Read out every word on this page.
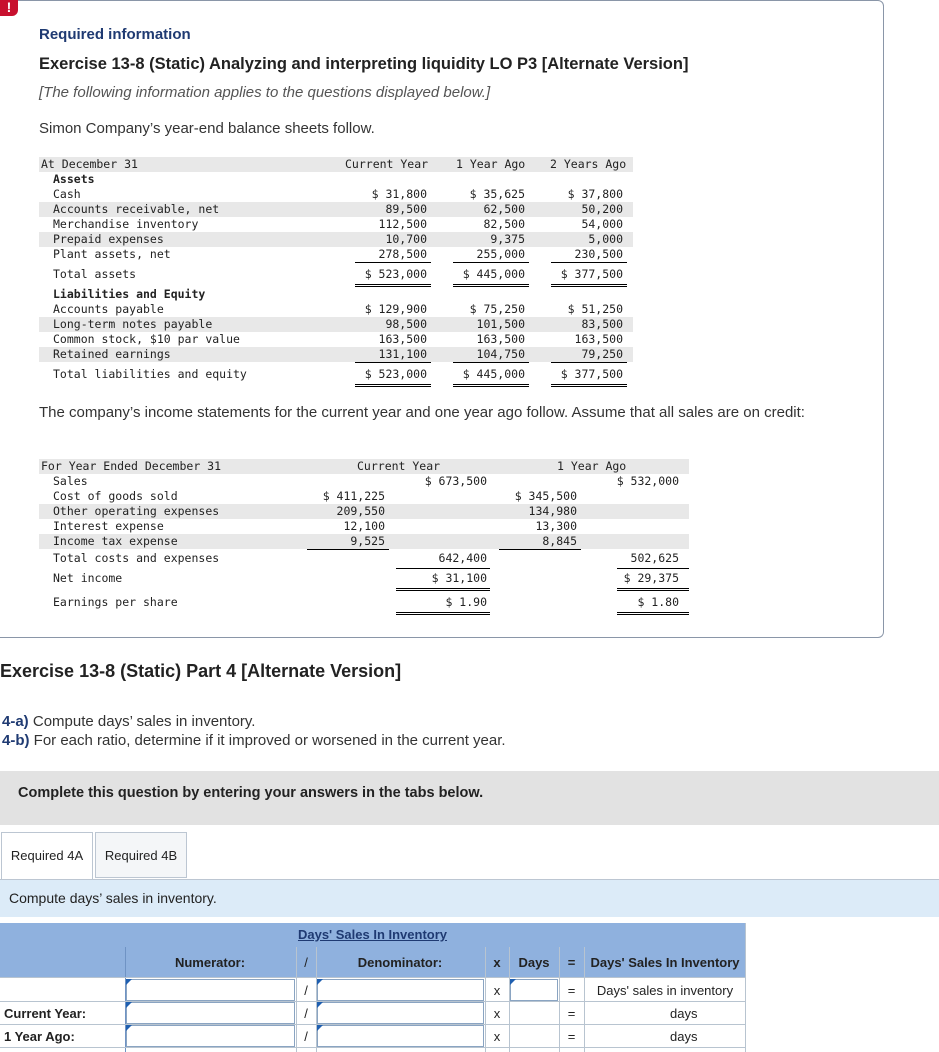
!
Required information
Exercise 13-8 (Static) Analyzing and interpreting liquidity LO P3 [Alternate Version]
[The following information applies to the questions displayed below.]
Simon Company’s year-end balance sheets follow.
At December 31	Current Year 1 Year Ago 2 Years Ago
Assets
Cash	$ 31,800	$ 35,625	$ 37,800
Accounts receivable, net	89,500	62,500	50,200
Merchandise inventory	112,500	82,500	54,000
Prepaid expenses	10,700	9,375	5,000
Plant assets, net	278,500	255,000	230,500
Total assets	$ 523,000	$ 445,000	$ 377,500
Liabilities and Equity
Accounts payable	$ 129,900	$ 75,250	$ 51,250
Long-term notes payable	98,500	101,500	83,500
Common stock, $10 par value	163,500	163,500	163,500
Retained earnings	131,100	104,750	79,250
Total liabilities and equity	$ 523,000	$ 445,000	$ 377,500
The company’s income statements for the current year and one year ago follow. Assume that all sales are on credit:
For Year Ended December 31	Current Year	1 Year Ago
Sales	$ 673,500	$ 532,000
Cost of goods sold	$ 411,225	$ 345,500
Other operating expenses	209,550	134,980
Interest expense	12,100	13,300
Income tax expense	9,525	8,845
Total costs and expenses	642,400	502,625
Net income	$ 31,100	$ 29,375
Earnings per share	$ 1.90	$ 1.80
Exercise 13-8 (Static) Part 4 [Alternate Version]
4-a) Compute days’ sales in inventory.
4-b) For each ratio, determine if it improved or worsened in the current year.
Complete this question by entering your answers in the tabs below.
Required 4A	Required 4B
Compute days’ sales in inventory.
Days' Sales In Inventory
Numerator:	/	Denominator:	x	Days	=	Days' Sales In Inventory
/	x	=	Days' sales in inventory
Current Year:	/	x	=	days
1 Year Ago:	/	x	=	days
